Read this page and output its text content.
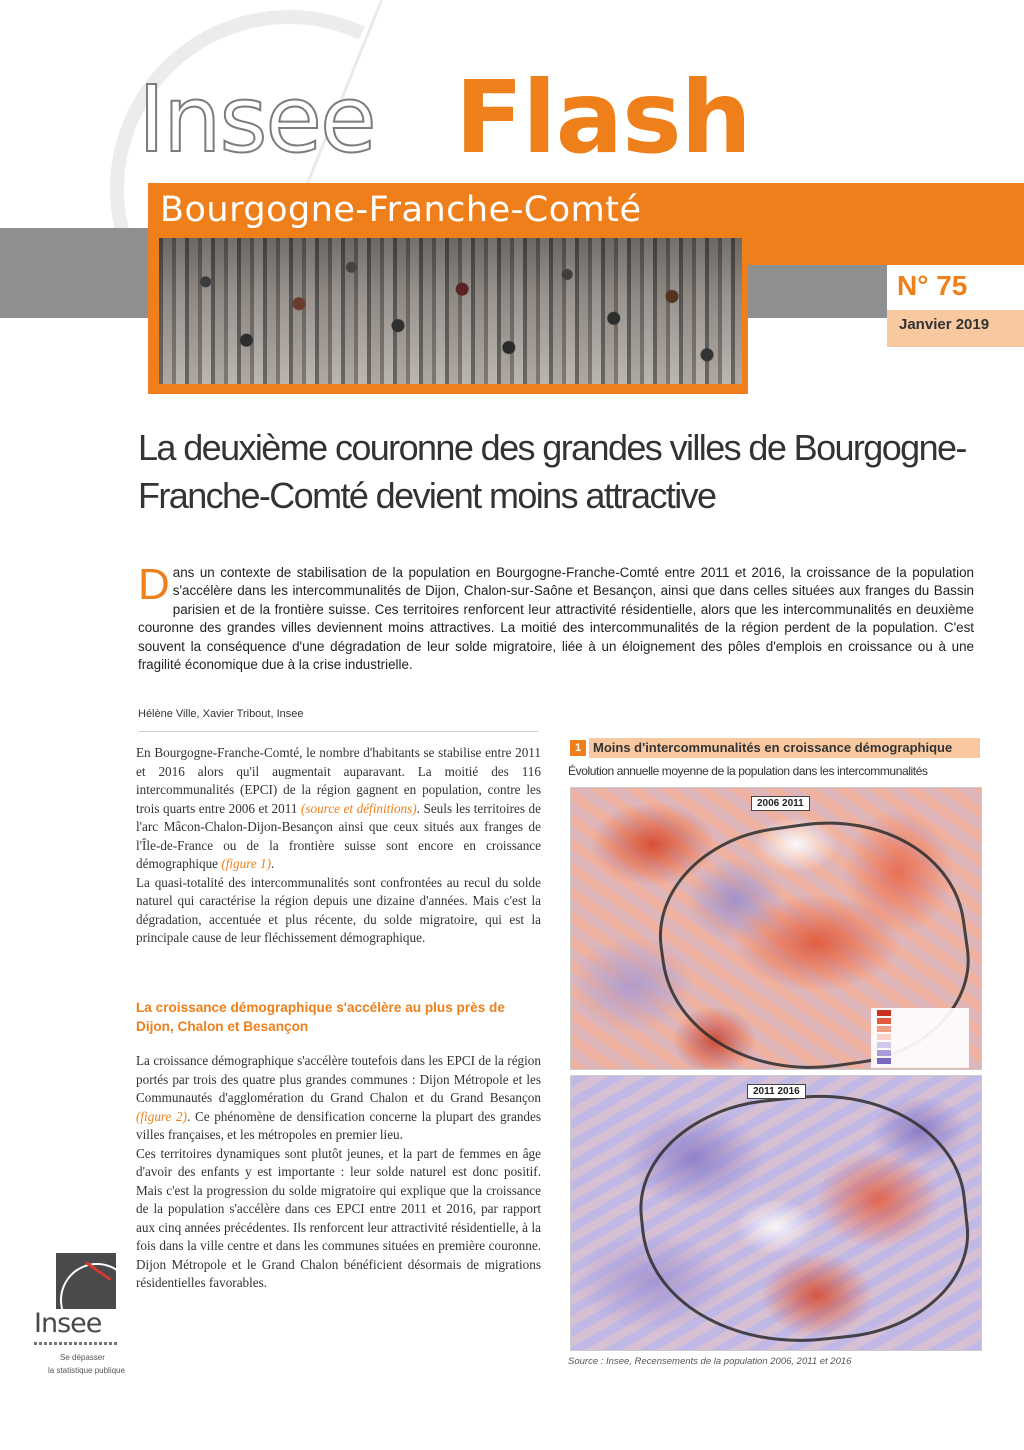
Insee Flash
Bourgogne-Franche-Comté
N° 75
Janvier 2019
La deuxième couronne des grandes villes de Bourgogne-Franche-Comté devient moins attractive
Dans un contexte de stabilisation de la population en Bourgogne-Franche-Comté entre 2011 et 2016, la croissance de la population s'accélère dans les intercommunalités de Dijon, Chalon-sur-Saône et Besançon, ainsi que dans celles situées aux franges du Bassin parisien et de la frontière suisse. Ces territoires renforcent leur attractivité résidentielle, alors que les intercommunalités en deuxième couronne des grandes villes deviennent moins attractives. La moitié des intercommunalités de la région perdent de la population. C'est souvent la conséquence d'une dégradation de leur solde migratoire, liée à un éloignement des pôles d'emplois en croissance ou à une fragilité économique due à la crise industrielle.
Hélène Ville, Xavier Tribout, Insee

En Bourgogne-Franche-Comté, le nombre d'habitants se stabilise entre 2011 et 2016 alors qu'il augmentait auparavant. La moitié des 116 intercommunalités (EPCI) de la région gagnent en population, contre les trois quarts entre 2006 et 2011 (source et définitions). Seuls les territoires de l'arc Mâcon-Chalon-Dijon-Besançon ainsi que ceux situés aux franges de l'Île-de-France ou de la frontière suisse sont encore en croissance démographique (figure 1).

La quasi-totalité des intercommunalités sont confrontées au recul du solde naturel qui caractérise la région depuis une dizaine d'années. Mais c'est la dégradation, accentuée et plus récente, du solde migratoire, qui est la principale cause de leur fléchissement démographique.

La croissance démographique s'accélère au plus près de Dijon, Chalon et Besançon

La croissance démographique s'accélère toutefois dans les EPCI de la région portés par trois des quatre plus grandes communes : Dijon Métropole et les Communautés d'agglomération du Grand Chalon et du Grand Besançon (figure 2). Ce phénomène de densification concerne la plupart des grandes villes françaises, et les métropoles en premier lieu.

Ces territoires dynamiques sont plutôt jeunes, et la part de femmes en âge d'avoir des enfants y est importante : leur solde naturel est donc positif. Mais c'est la progression du solde migratoire qui explique que la croissance de la population s'accélère dans ces EPCI entre 2011 et 2016, par rapport aux cinq années précédentes. Ils renforcent leur attractivité résidentielle, à la fois dans la ville centre et dans les communes situées en première couronne. Dijon Métropole et le Grand Chalon bénéficient désormais de migrations résidentielles favorables.

Insee
Se dépasser
la statistique publique
1 Moins d'intercommunalités en croissance démographique
Évolution annuelle moyenne de la population dans les intercommunalités
2006 2011
2011 2016
Source : Insee, Recensements de la population 2006, 2011 et 2016
